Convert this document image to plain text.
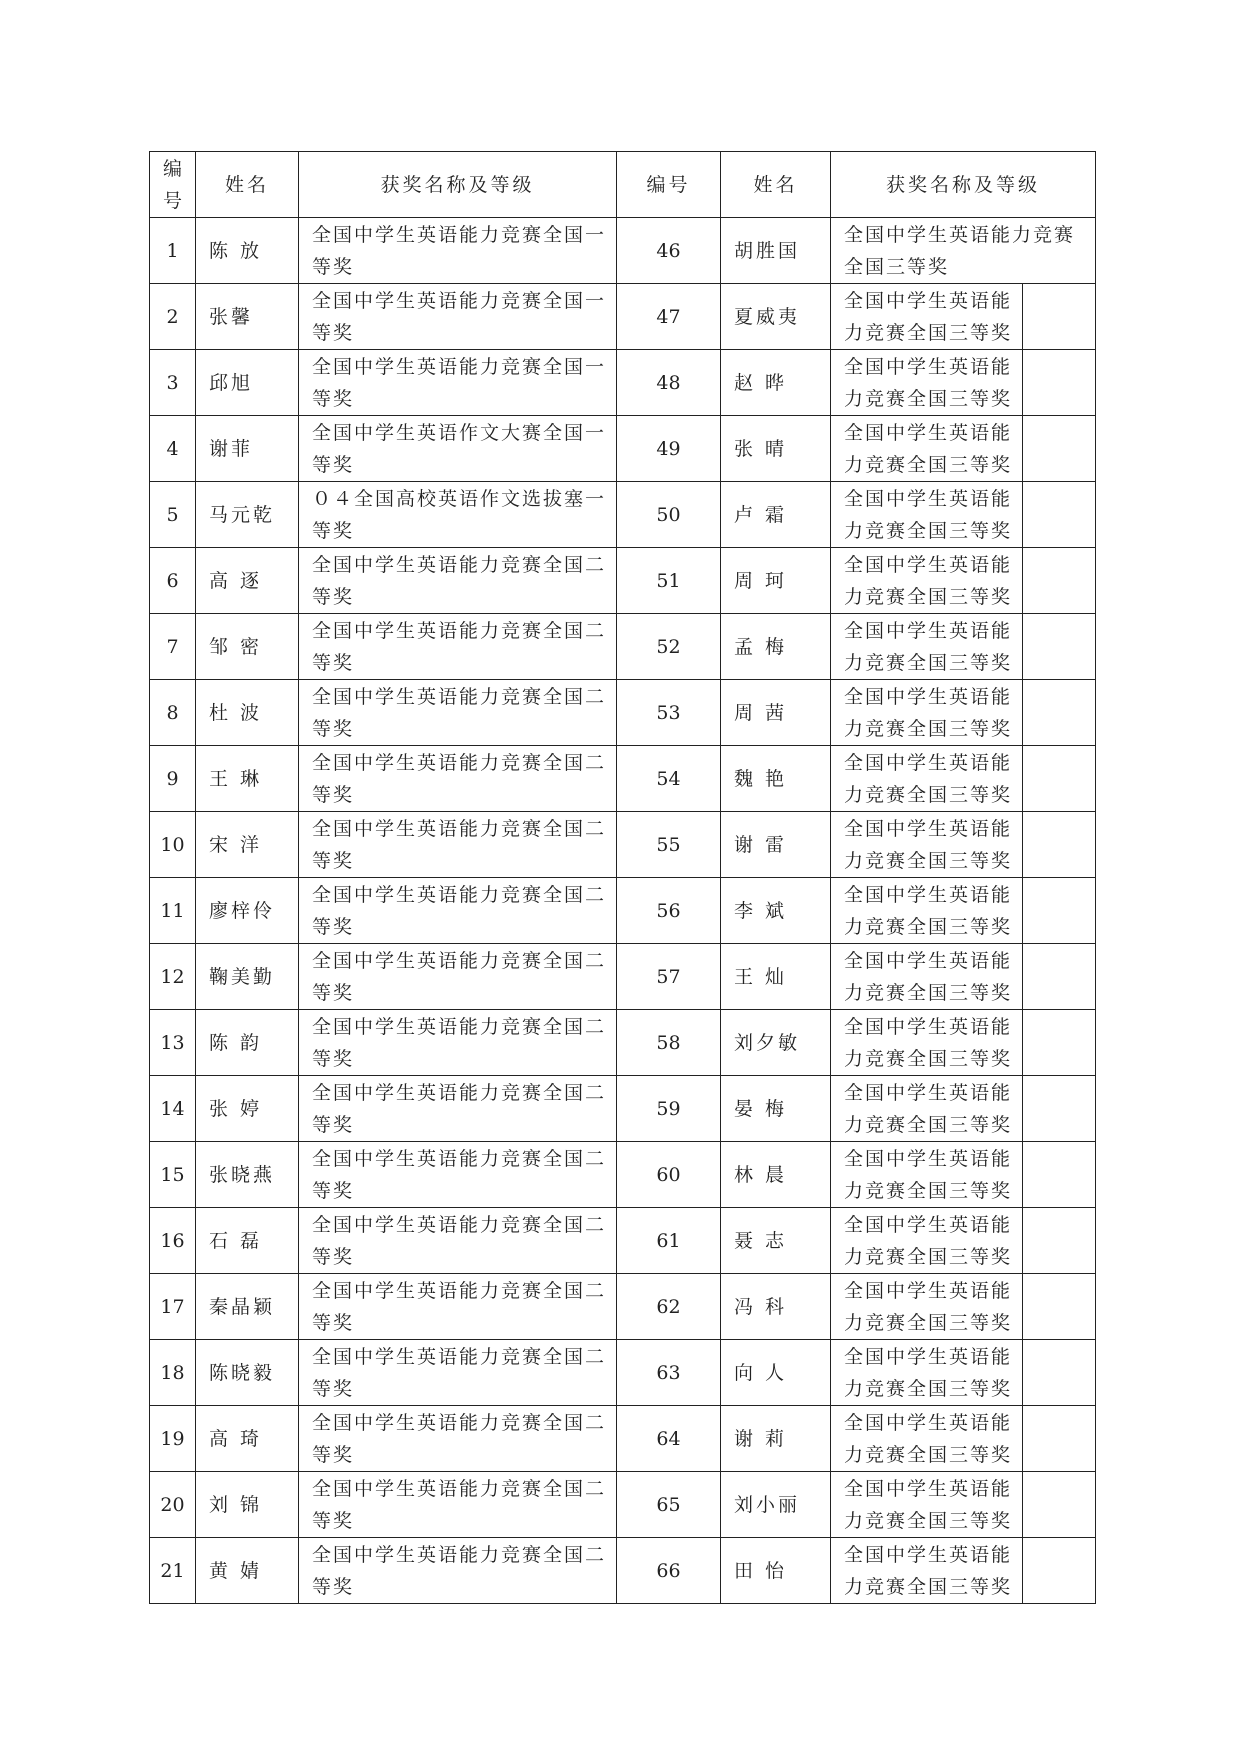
编号	姓名	获奖名称及等级	编号	姓名	获奖名称及等级
1	陈 放	全国中学生英语能力竞赛全国一等奖	46	胡胜国	全国中学生英语能力竞赛全国三等奖
2	张馨	全国中学生英语能力竞赛全国一等奖	47	夏威夷	全国中学生英语能力竞赛全国三等奖

3	邱旭	全国中学生英语能力竞赛全国一等奖	48	赵 晔	全国中学生英语能力竞赛全国三等奖

4	谢菲	全国中学生英语作文大赛全国一等奖	49	张 晴	全国中学生英语能力竞赛全国三等奖

5	马元乾	０４全国高校英语作文选拔塞一等奖	50	卢 霜	全国中学生英语能力竞赛全国三等奖

6	高 逐	全国中学生英语能力竞赛全国二等奖	51	周 珂	全国中学生英语能力竞赛全国三等奖

7	邹 密	全国中学生英语能力竞赛全国二等奖	52	孟 梅	全国中学生英语能力竞赛全国三等奖

8	杜 波	全国中学生英语能力竞赛全国二等奖	53	周 茜	全国中学生英语能力竞赛全国三等奖

9	王 琳	全国中学生英语能力竞赛全国二等奖	54	魏 艳	全国中学生英语能力竞赛全国三等奖

10	宋 洋	全国中学生英语能力竞赛全国二等奖	55	谢 雷	全国中学生英语能力竞赛全国三等奖

11	廖梓伶	全国中学生英语能力竞赛全国二等奖	56	李 斌	全国中学生英语能力竞赛全国三等奖

12	鞠美勤	全国中学生英语能力竞赛全国二等奖	57	王 灿	全国中学生英语能力竞赛全国三等奖

13	陈 韵	全国中学生英语能力竞赛全国二等奖	58	刘夕敏	全国中学生英语能力竞赛全国三等奖

14	张 婷	全国中学生英语能力竞赛全国二等奖	59	晏 梅	全国中学生英语能力竞赛全国三等奖

15	张晓燕	全国中学生英语能力竞赛全国二等奖	60	林 晨	全国中学生英语能力竞赛全国三等奖

16	石 磊	全国中学生英语能力竞赛全国二等奖	61	聂 志	全国中学生英语能力竞赛全国三等奖

17	秦晶颖	全国中学生英语能力竞赛全国二等奖	62	冯 科	全国中学生英语能力竞赛全国三等奖

18	陈晓毅	全国中学生英语能力竞赛全国二等奖	63	向 人	全国中学生英语能力竞赛全国三等奖

19	高 琦	全国中学生英语能力竞赛全国二等奖	64	谢 莉	全国中学生英语能力竞赛全国三等奖

20	刘 锦	全国中学生英语能力竞赛全国二等奖	65	刘小丽	全国中学生英语能力竞赛全国三等奖

21	黄 婧	全国中学生英语能力竞赛全国二等奖	66	田 怡	全国中学生英语能力竞赛全国三等奖
